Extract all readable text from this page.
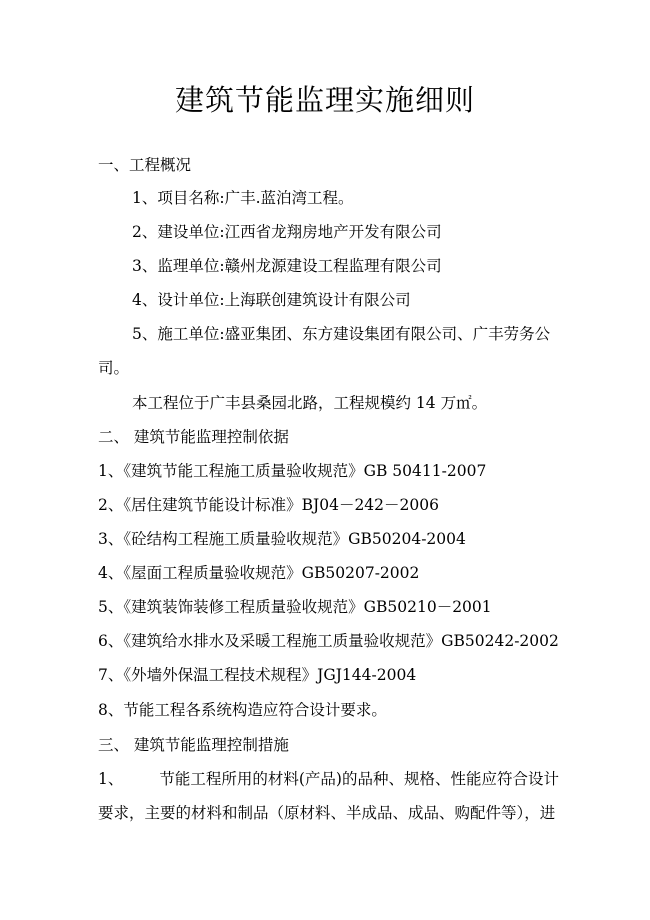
建筑节能监理实施细则
一、工程概况
1、项目名称:广丰.蓝泊湾工程。
2、建设单位:江西省龙翔房地产开发有限公司
3、监理单位:赣州龙源建设工程监理有限公司
4、设计单位:上海联创建筑设计有限公司
5、施工单位:盛亚集团、东方建设集团有限公司、广丰劳务公
司。
本工程位于广丰县桑园北路，工程规模约 14 万㎡。
二、 建筑节能监理控制依据
1、《建筑节能工程施工质量验收规范》GB 50411-2007
2、《居住建筑节能设计标准》BJ04－242－2006
3、《砼结构工程施工质量验收规范》GB50204-2004
4、《屋面工程质量验收规范》GB50207-2002
5、《建筑装饰装修工程质量验收规范》GB50210－2001
6、《建筑给水排水及采暖工程施工质量验收规范》GB50242-2002
7、《外墙外保温工程技术规程》JGJ144-2004
8、节能工程各系统构造应符合设计要求。
三、 建筑节能监理控制措施
1、 节能工程所用的材料(产品)的品种、规格、性能应符合设计
要求，主要的材料和制品（原材料、半成品、成品、购配件等），进
